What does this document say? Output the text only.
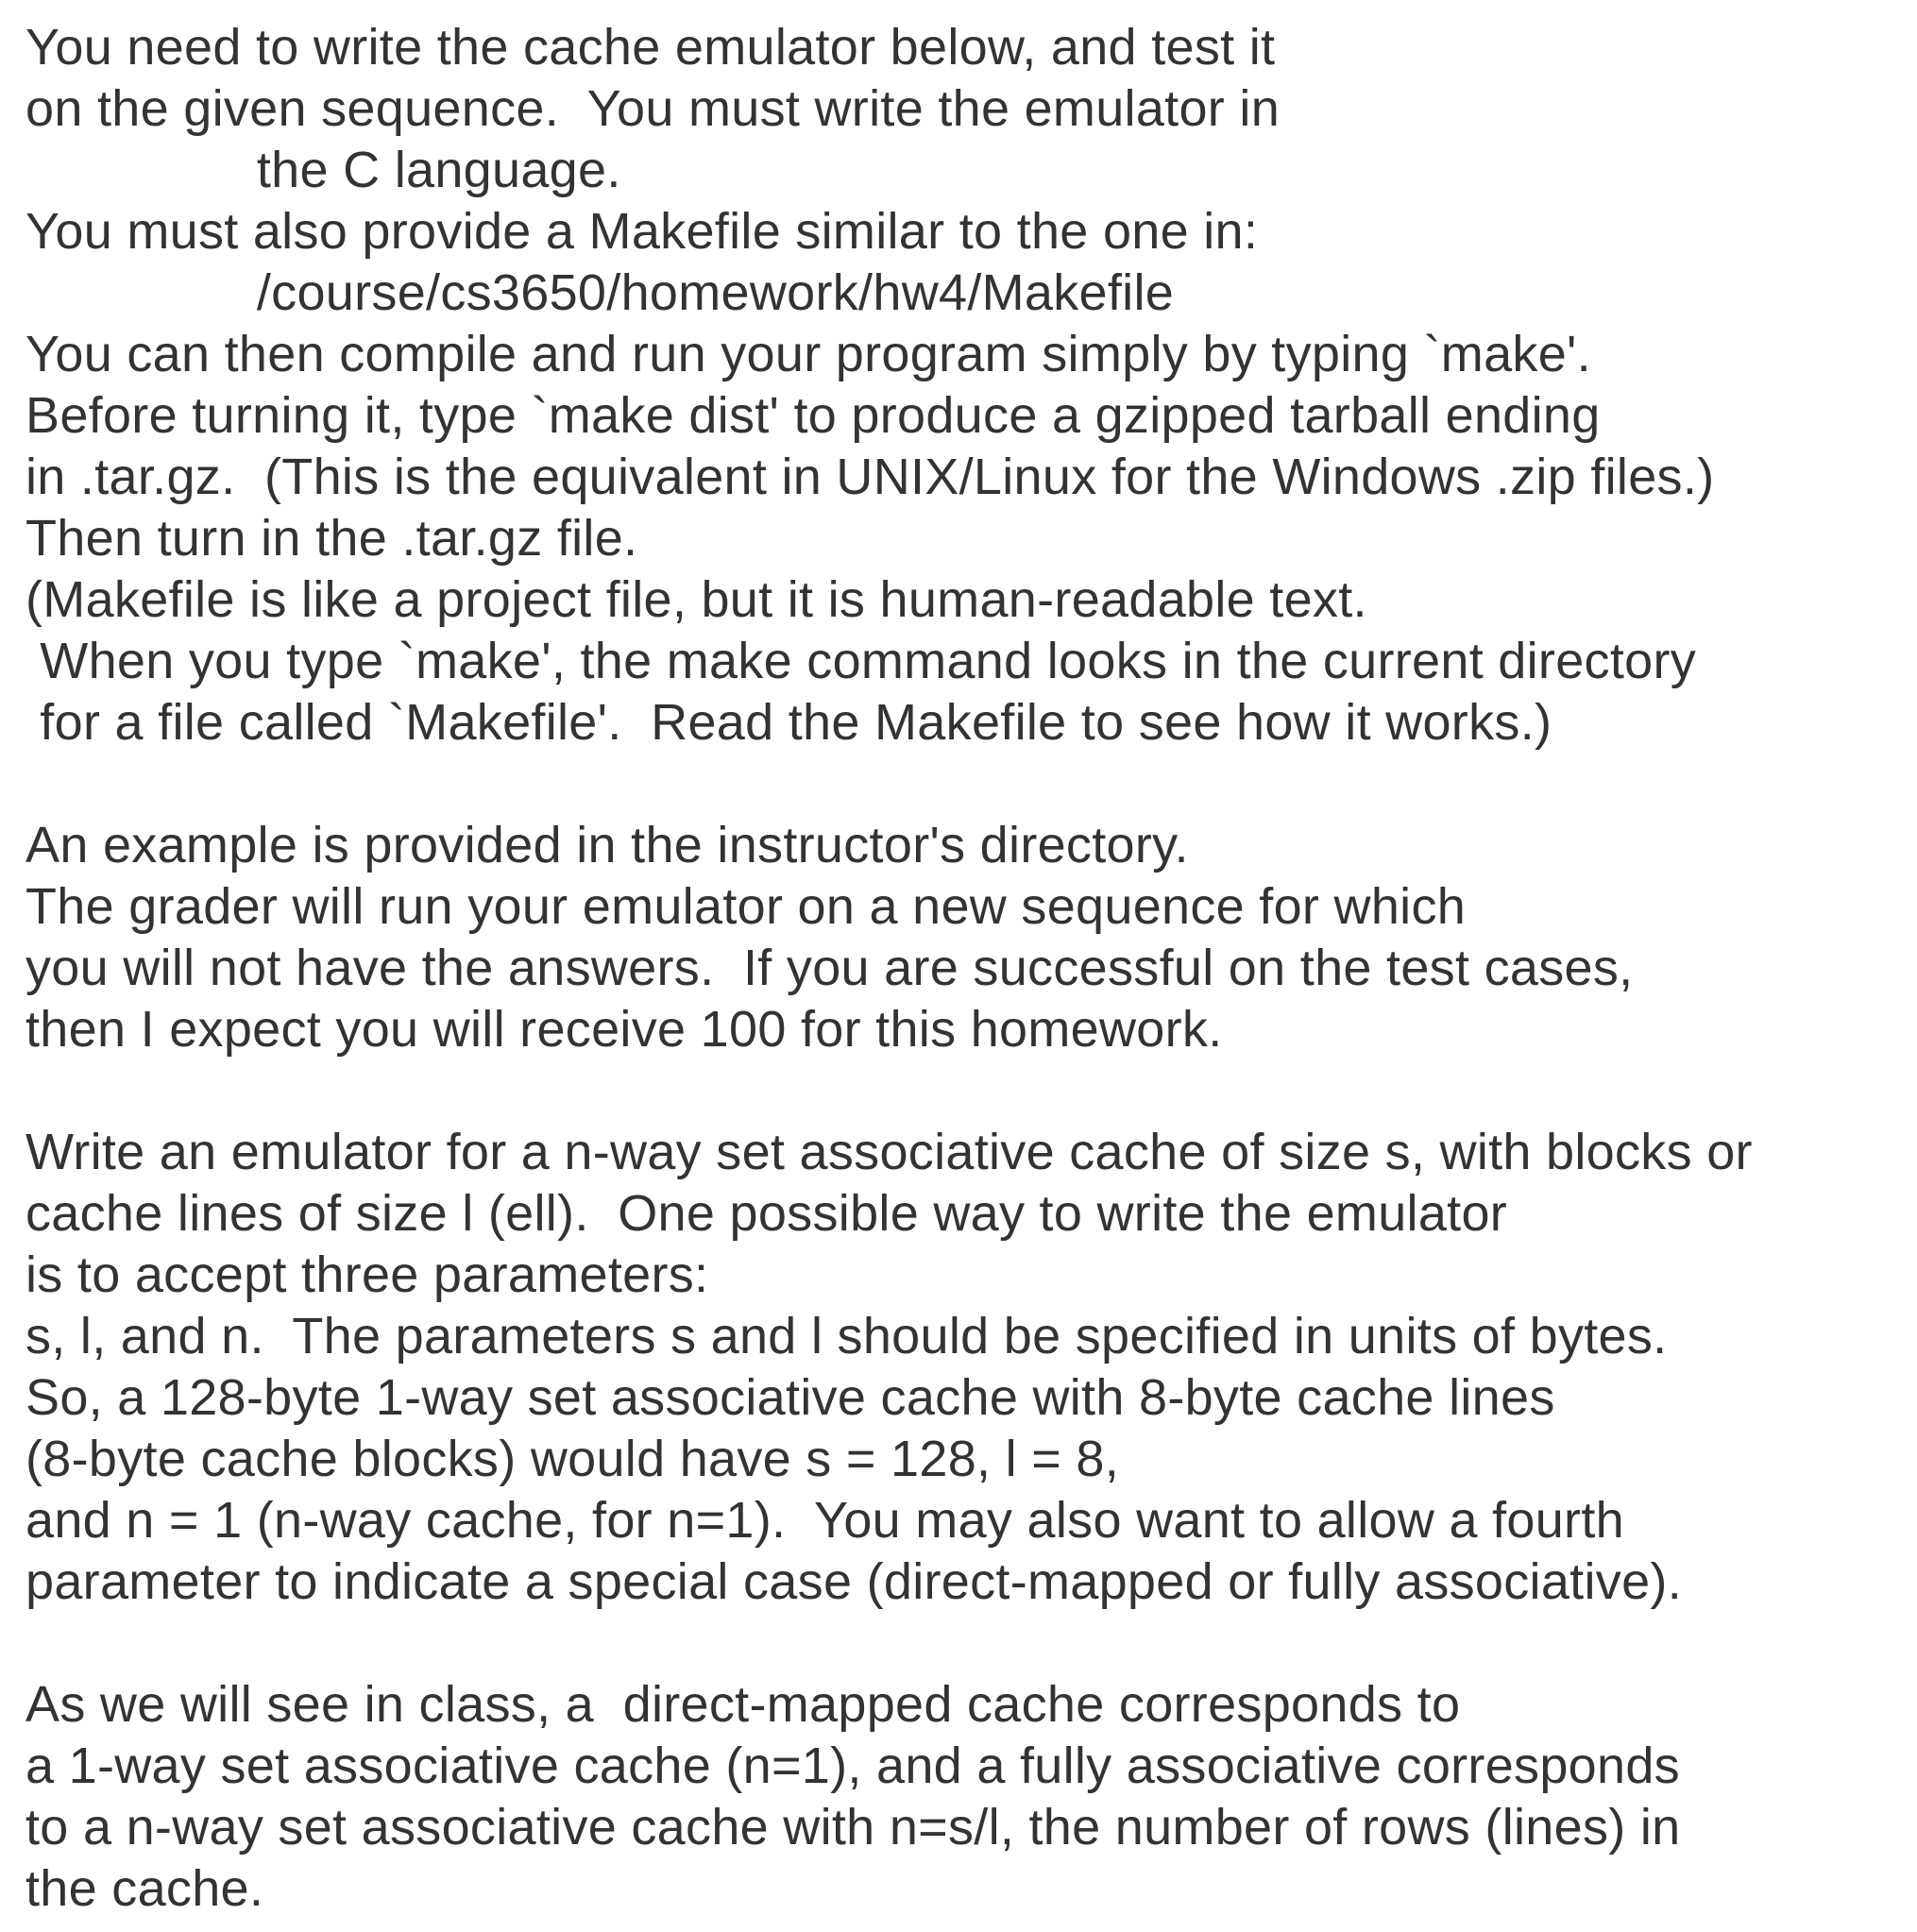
You need to write the cache emulator below, and test it
on the given sequence.  You must write the emulator in
the C language.
You must also provide a Makefile similar to the one in:
/course/cs3650/homework/hw4/Makefile
You can then compile and run your program simply by typing `make'.
Before turning it, type `make dist' to produce a gzipped tarball ending
in .tar.gz.  (This is the equivalent in UNIX/Linux for the Windows .zip files.)
Then turn in the .tar.gz file.
(Makefile is like a project file, but it is human-readable text.
When you type `make', the make command looks in the current directory
for a file called `Makefile'.  Read the Makefile to see how it works.)
An example is provided in the instructor's directory.
The grader will run your emulator on a new sequence for which
you will not have the answers.  If you are successful on the test cases,
then I expect you will receive 100 for this homework.
Write an emulator for a n-way set associative cache of size s, with blocks or
cache lines of size l (ell).  One possible way to write the emulator
is to accept three parameters:
s, l, and n.  The parameters s and l should be specified in units of bytes.
So, a 128-byte 1-way set associative cache with 8-byte cache lines
(8-byte cache blocks) would have s = 128, l = 8,
and n = 1 (n-way cache, for n=1).  You may also want to allow a fourth
parameter to indicate a special case (direct-mapped or fully associative).
As we will see in class, a  direct-mapped cache corresponds to
a 1-way set associative cache (n=1), and a fully associative corresponds
to a n-way set associative cache with n=s/l, the number of rows (lines) in
the cache.
